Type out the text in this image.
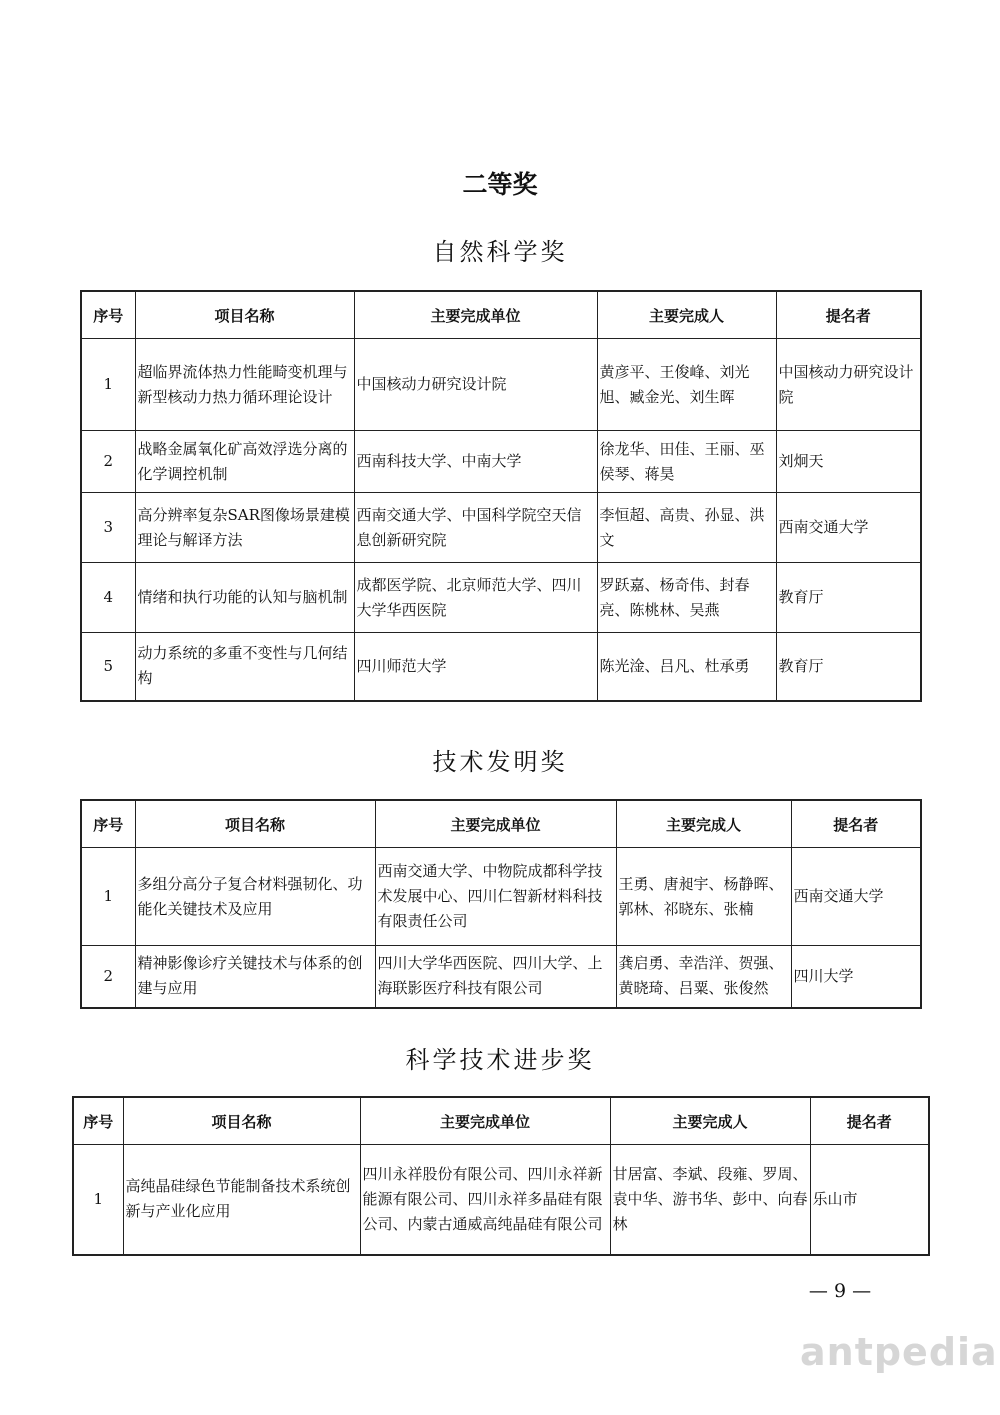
二等奖
自然科学奖
序号	项目名称	主要完成单位	主要完成人	提名者
1	超临界流体热力性能畸变机理与新型核动力热力循环理论设计	中国核动力研究设计院	黄彦平、王俊峰、刘光旭、臧金光、刘生晖	中国核动力研究设计院
2	战略金属氧化矿高效浮选分离的化学调控机制	西南科技大学、中南大学	徐龙华、田佳、王丽、巫侯琴、蒋昊	刘炯天
3	高分辨率复杂SAR图像场景建模理论与解译方法	西南交通大学、中国科学院空天信息创新研究院	李恒超、高贵、孙显、洪文	西南交通大学
4	情绪和执行功能的认知与脑机制	成都医学院、北京师范大学、四川大学华西医院	罗跃嘉、杨奇伟、封春亮、陈桃林、吴燕	教育厅
5	动力系统的多重不变性与几何结构	四川师范大学	陈光淦、吕凡、杜承勇	教育厅
技术发明奖
序号	项目名称	主要完成单位	主要完成人	提名者
1	多组分高分子复合材料强韧化、功能化关键技术及应用	西南交通大学、中物院成都科学技术发展中心、四川仁智新材料科技有限责任公司	王勇、唐昶宇、杨静晖、郭林、祁晓东、张楠	西南交通大学
2	精神影像诊疗关键技术与体系的创建与应用	四川大学华西医院、四川大学、上海联影医疗科技有限公司	龚启勇、幸浩洋、贺强、黄晓琦、吕粟、张俊然	四川大学
科学技术进步奖
序号	项目名称	主要完成单位	主要完成人	提名者
1	高纯晶硅绿色节能制备技术系统创新与产业化应用	四川永祥股份有限公司、四川永祥新能源有限公司、四川永祥多晶硅有限公司、内蒙古通威高纯晶硅有限公司	甘居富、李斌、段雍、罗周、袁中华、游书华、彭中、向春林	乐山市
— 9 —
antpedia
